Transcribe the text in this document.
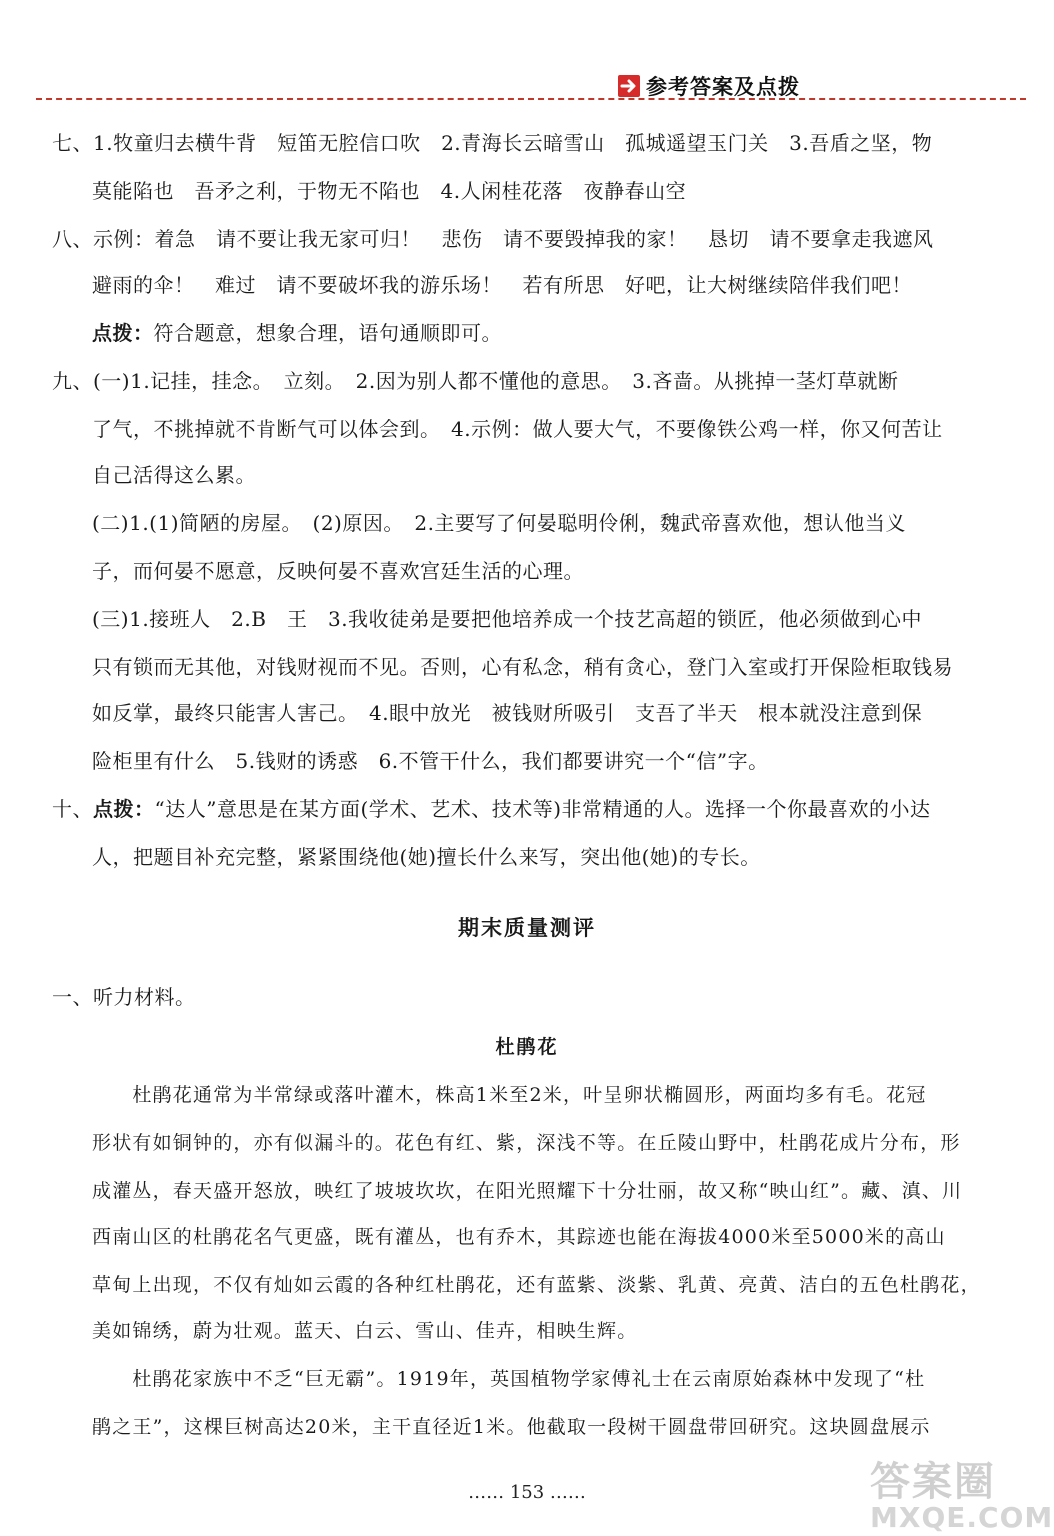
参考答案及点拨
七、1.牧童归去横牛背　短笛无腔信口吹　2.青海长云暗雪山　孤城遥望玉门关　3.吾盾之坚，物
莫能陷也　吾矛之利，于物无不陷也　4.人闲桂花落　夜静春山空
八、示例：着急　请不要让我无家可归！　悲伤　请不要毁掉我的家！　恳切　请不要拿走我遮风
避雨的伞！　难过　请不要破坏我的游乐场！　若有所思　好吧，让大树继续陪伴我们吧！
点拨：符合题意，想象合理，语句通顺即可。
九、(一)1.记挂，挂念。　立刻。　2.因为别人都不懂他的意思。　3.吝啬。从挑掉一茎灯草就断
了气，不挑掉就不肯断气可以体会到。　4.示例：做人要大气，不要像铁公鸡一样，你又何苦让
自己活得这么累。
(二)1.(1)简陋的房屋。　(2)原因。　2.主要写了何晏聪明伶俐，魏武帝喜欢他，想认他当义
子，而何晏不愿意，反映何晏不喜欢宫廷生活的心理。
(三)1.接班人　2.B　王　3.我收徒弟是要把他培养成一个技艺高超的锁匠，他必须做到心中
只有锁而无其他，对钱财视而不见。否则，心有私念，稍有贪心，登门入室或打开保险柜取钱易
如反掌，最终只能害人害己。　4.眼中放光　被钱财所吸引　支吾了半天　根本就没注意到保
险柜里有什么　5.钱财的诱惑　6.不管干什么，我们都要讲究一个“信”字。
十、点拨：“达人”意思是在某方面(学术、艺术、技术等)非常精通的人。选择一个你最喜欢的小达
人，把题目补充完整，紧紧围绕他(她)擅长什么来写，突出他(她)的专长。
期末质量测评
一、听力材料。
杜鹃花
　　杜鹃花通常为半常绿或落叶灌木，株高1米至2米，叶呈卵状椭圆形，两面均多有毛。花冠
形状有如铜钟的，亦有似漏斗的。花色有红、紫，深浅不等。在丘陵山野中，杜鹃花成片分布，形
成灌丛，春天盛开怒放，映红了坡坡坎坎，在阳光照耀下十分壮丽，故又称“映山红”。藏、滇、川
西南山区的杜鹃花名气更盛，既有灌丛，也有乔木，其踪迹也能在海拔4000米至5000米的高山
草甸上出现，不仅有灿如云霞的各种红杜鹃花，还有蓝紫、淡紫、乳黄、亮黄、洁白的五色杜鹃花，
美如锦绣，蔚为壮观。蓝天、白云、雪山、佳卉，相映生辉。
　　杜鹃花家族中不乏“巨无霸”。1919年，英国植物学家傅礼士在云南原始森林中发现了“杜
鹃之王”，这棵巨树高达20米，主干直径近1米。他截取一段树干圆盘带回研究。这块圆盘展示
…… 153 ……	答案圈
MXQE.COM
